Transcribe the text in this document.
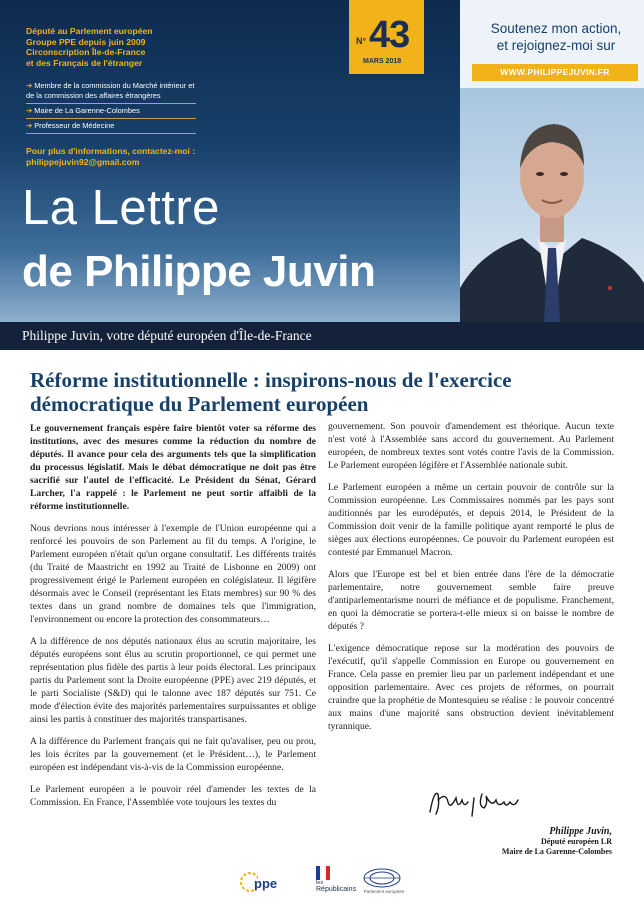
Député au Parlement européen
Groupe PPE depuis juin 2009
Circonscription Île-de-France
et des Français de l'étranger
➔ Membre de la commission du Marché intérieur et de la commission des affaires étrangères
➔ Maire de La Garenne-Colombes
➔ Professeur de Médecine
Pour plus d'informations, contactez-moi :
philippejuvin92@gmail.com
N° 43
MARS 2018
La Lettre
de Philippe Juvin
Soutenez mon action,
et rejoignez-moi sur
WWW.PHILIPPEJUVIN.FR
Philippe Juvin, votre député européen d'Île-de-France
Réforme institutionnelle : inspirons-nous de l'exercice
démocratique du Parlement européen

Le gouvernement français espère faire bientôt voter sa réforme des institutions, avec des mesures comme la réduction du nombre de députés. Il avance pour cela des arguments tels que la simplification du processus législatif. Mais le débat démocratique ne doit pas être sacrifié sur l'autel de l'efficacité. Le Président du Sénat, Gérard Larcher, l'a rappelé : le Parlement ne peut sortir affaibli de la réforme institutionnelle.

Nous devrions nous intéresser à l'exemple de l'Union européenne qui a renforcé les pouvoirs de son Parlement au fil du temps. A l'origine, le Parlement européen n'était qu'un organe consultatif. Les différents traités (du Traité de Maastricht en 1992 au Traité de Lisbonne en 2009) ont progressivement érigé le Parlement européen en colégislateur. Il légifère désormais avec le Conseil (représentant les Etats membres) sur 90 % des textes dans un grand nombre de domaines tels que l'immigration, l'environnement ou encore la protection des consommateurs…

A la différence de nos députés nationaux élus au scrutin majoritaire, les députés européens sont élus au scrutin proportionnel, ce qui permet une représentation plus fidèle des partis à leur poids électoral. Les principaux partis du Parlement sont la Droite européenne (PPE) avec 219 députés, et le parti Socialiste (S&D) qui le talonne avec 187 députés sur 751. Ce mode d'élection évite des majorités parlementaires surpuissantes et oblige ainsi les partis à constituer des majorités transpartisanes.

A la différence du Parlement français qui ne fait qu'avaliser, peu ou prou, les lois écrites par la gouvernement (et le Président…), le Parlement européen est indépendant vis-à-vis de la Commission européenne.

Le Parlement européen a le pouvoir réel d'amender les textes de la Commission. En France, l'Assemblée vote toujours les textes du

gouvernement. Son pouvoir d'amendement est théorique. Aucun texte n'est voté à l'Assemblée sans accord du gouvernement. Au Parlement européen, de nombreux textes sont votés contre l'avis de la Commission. Le Parlement européen légifère et l'Assemblée nationale subit.

Le Parlement européen a même un certain pouvoir de contrôle sur la Commission européenne. Les Commissaires nommés par les pays sont auditionnés par les eurodéputés, et depuis 2014, le Président de la Commission doit venir de la famille politique ayant remporté le plus de sièges aux élections européennes. Ce pouvoir du Parlement européen est contesté par Emmanuel Macron.

Alors que l'Europe est bel et bien entrée dans l'ère de la démocratie parlementaire, notre gouvernement semble faire preuve d'antiparlementarisme nourri de méfiance et de populisme. Franchement, en quoi la démocratie se portera-t-elle mieux si on baisse le nombre de députés ?

L'exigence démocratique repose sur la modération des pouvoirs de l'exécutif, qu'il s'appelle Commission en Europe ou gouvernement en France. Cela passe en premier lieu par un parlement indépendant et une opposition parlementaire. Avec ces projets de réformes, on pourrait craindre que la prophétie de Montesquieu se réalise : le pouvoir concentré aux mains d'une majorité sans obstruction devient inévitablement tyrannique.

Philippe Juvin,
Député européen LR
Maire de La Garenne-Colombes
ppe	les
Républicains	Parlement européen
